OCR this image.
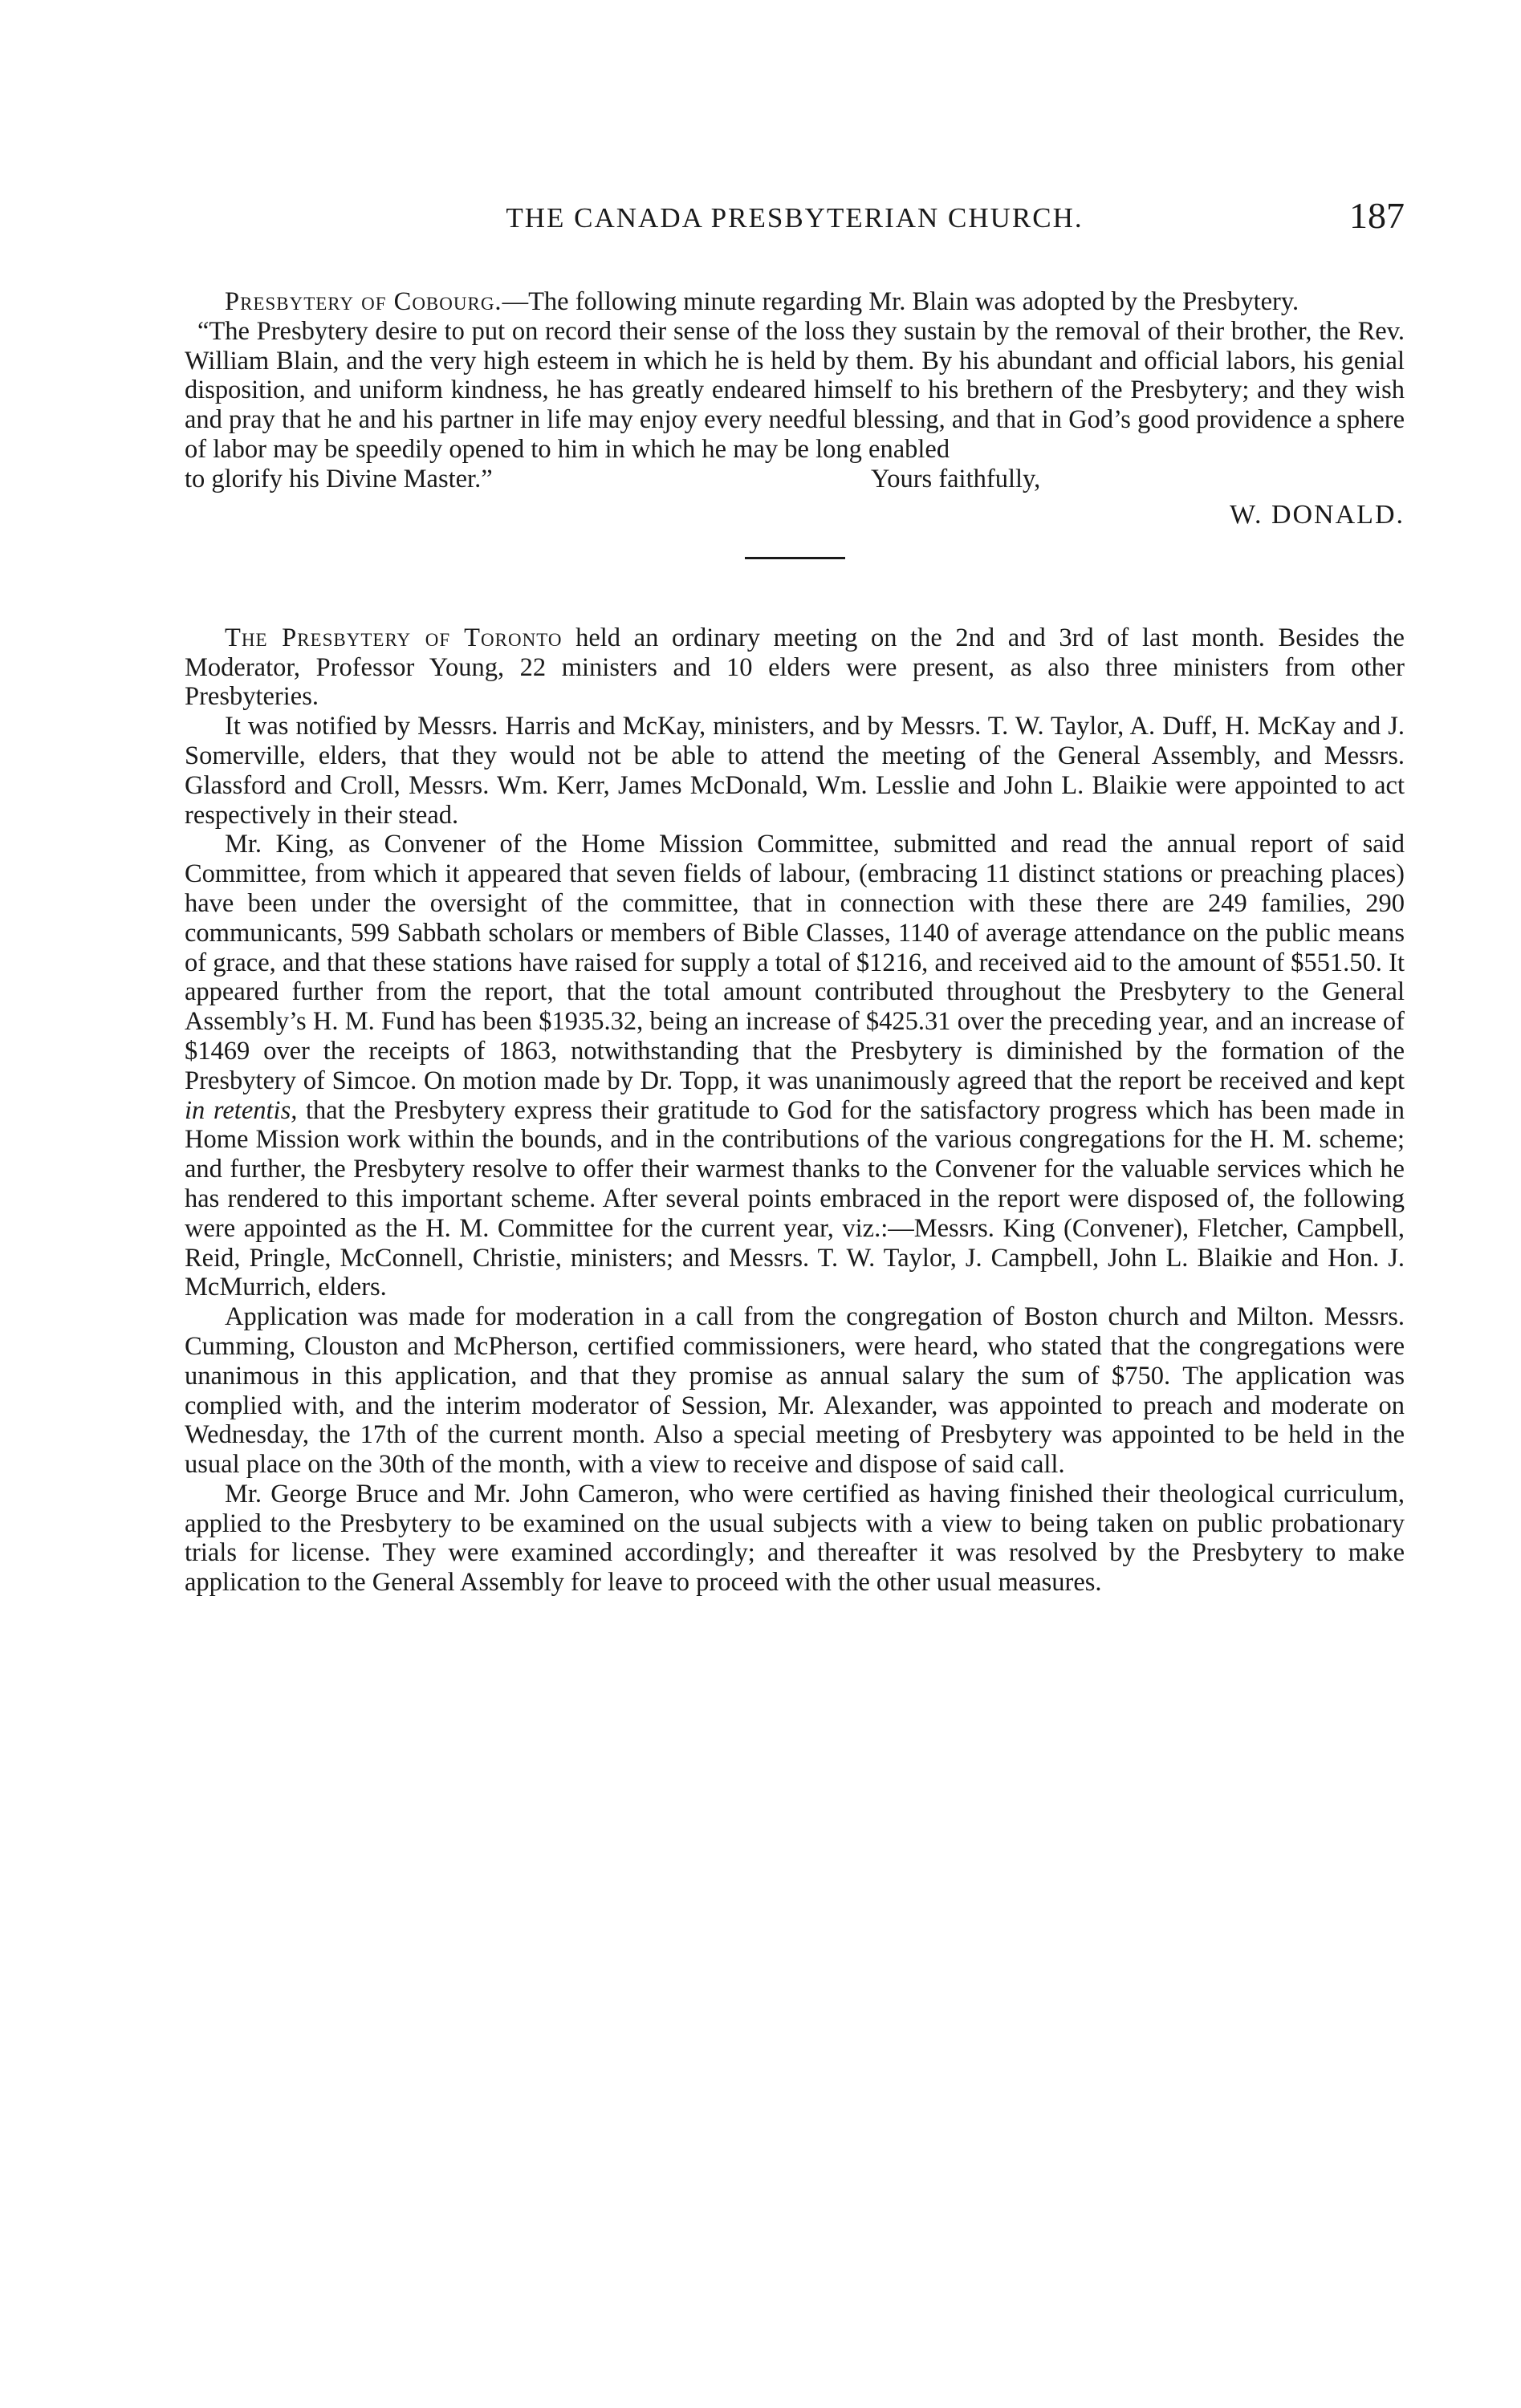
THE CANADA PRESBYTERIAN CHURCH.	187

Presbytery of Cobourg.—The following minute regarding Mr. Blain was adopted by the Presbytery.

“The Presbytery desire to put on record their sense of the loss they sustain by the removal of their brother, the Rev. William Blain, and the very high esteem in which he is held by them. By his abundant and official labors, his genial disposition, and uniform kindness, he has greatly endeared himself to his brethern of the Presbytery; and they wish and pray that he and his partner in life may enjoy every needful blessing, and that in God’s good providence a sphere of labor may be speedily opened to him in which he may be long enabled

to glorify his Divine Master.”	Yours faithfully,
W. DONALD.

The Presbytery of Toronto held an ordinary meeting on the 2nd and 3rd of last month. Besides the Moderator, Professor Young, 22 ministers and 10 elders were present, as also three ministers from other Presbyteries.

It was notified by Messrs. Harris and McKay, ministers, and by Messrs. T. W. Taylor, A. Duff, H. McKay and J. Somerville, elders, that they would not be able to attend the meeting of the General Assembly, and Messrs. Glassford and Croll, Messrs. Wm. Kerr, James McDonald, Wm. Lesslie and John L. Blaikie were appointed to act respectively in their stead.

Mr. King, as Convener of the Home Mission Committee, submitted and read the annual report of said Committee, from which it appeared that seven fields of labour, (embracing 11 distinct stations or preaching places) have been under the oversight of the committee, that in connection with these there are 249 families, 290 communicants, 599 Sabbath scholars or members of Bible Classes, 1140 of average attendance on the public means of grace, and that these stations have raised for supply a total of $1216, and received aid to the amount of $551.50. It appeared further from the report, that the total amount contributed throughout the Presbytery to the General Assembly’s H. M. Fund has been $1935.32, being an increase of $425.31 over the preceding year, and an increase of $1469 over the receipts of 1863, notwithstanding that the Presbytery is diminished by the formation of the Presbytery of Simcoe. On motion made by Dr. Topp, it was unanimously agreed that the report be received and kept in retentis, that the Presbytery express their gratitude to God for the satisfactory progress which has been made in Home Mission work within the bounds, and in the contributions of the various congregations for the H. M. scheme; and further, the Presbytery resolve to offer their warmest thanks to the Convener for the valuable services which he has rendered to this important scheme. After several points embraced in the report were disposed of, the following were appointed as the H. M. Committee for the current year, viz.:—Messrs. King (Convener), Fletcher, Campbell, Reid, Pringle, McConnell, Christie, ministers; and Messrs. T. W. Taylor, J. Campbell, John L. Blaikie and Hon. J. McMurrich, elders.

Application was made for moderation in a call from the congregation of Boston church and Milton. Messrs. Cumming, Clouston and McPherson, certified commissioners, were heard, who stated that the congregations were unanimous in this application, and that they promise as annual salary the sum of $750. The application was complied with, and the interim moderator of Session, Mr. Alexander, was appointed to preach and moderate on Wednesday, the 17th of the current month. Also a special meeting of Presbytery was appointed to be held in the usual place on the 30th of the month, with a view to receive and dispose of said call.

Mr. George Bruce and Mr. John Cameron, who were certified as having finished their theological curriculum, applied to the Presbytery to be examined on the usual subjects with a view to being taken on public probationary trials for license. They were examined accordingly; and thereafter it was resolved by the Presbytery to make application to the General Assembly for leave to proceed with the other usual measures.
